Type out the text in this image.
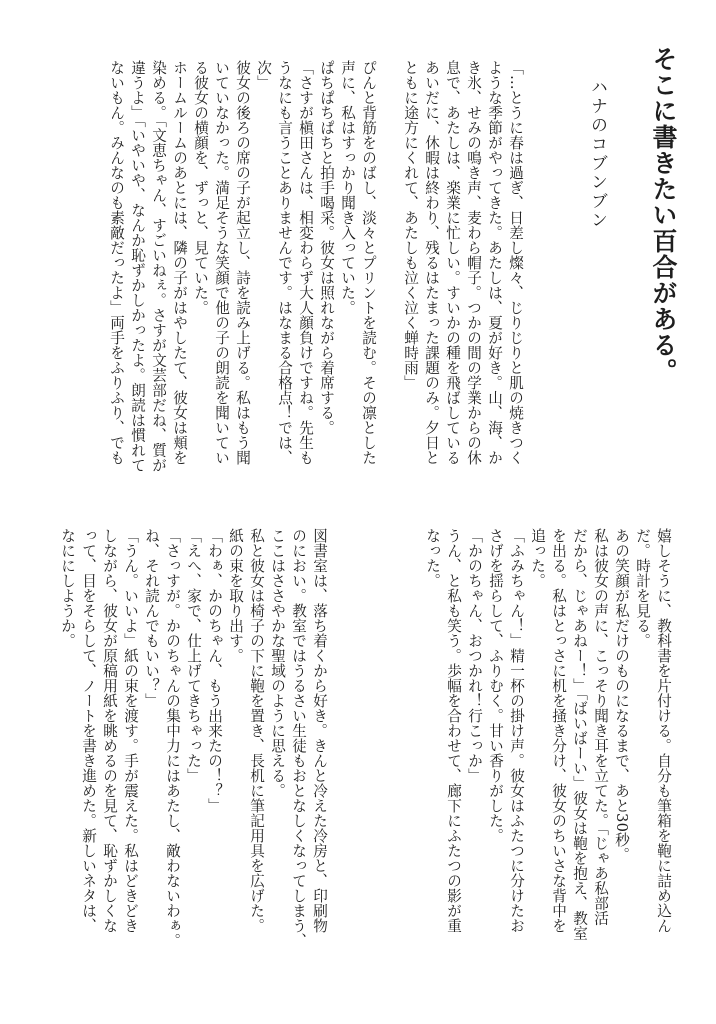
そこに書きたい百合がある。

ハナのコブンブン

「…とうに春は過ぎ、日差し燦々、じりじりと肌の焼きつく
ような季節がやってきた。あたしは、夏が好き。山、海、か
き氷、せみの鳴き声、麦わら帽子。つかの間の学業からの休
息で、あたしは、楽業に忙しい。すいかの種を飛ばしている
あいだに、休暇は終わり、残るはたまった課題のみ。夕日と
ともに途方にくれて、あたしも泣く泣く蝉時雨」

ぴんと背筋をのばし、淡々とプリントを読む。その凛とした
声に、私はすっかり聞き入っていた。
ぱちぱちぱちと拍手喝采。彼女は照れながら着席する。
「さすが槇田さんは、相変わらず大人顔負けですね。先生も
うなにも言うことありませんです。はなまる合格点！では、
次」
彼女の後ろの席の子が起立し、詩を読み上げる。私はもう聞
いていなかった。満足そうな笑顔で他の子の朗読を聞いてい
る彼女の横顔を、ずっと、見ていた。
ホームルームのあとには、隣の子がはやしたて、彼女は頬を
染める。「文恵ちゃん、すごいねぇ。さすが文芸部だね、質が
違うよ」「いやいや、なんか恥ずかしかったよ。朗読は慣れて
ないもん。みんなのも素敵だったよ」両手をふりふり、でも

嬉しそうに、教科書を片付ける。自分も筆箱を鞄に詰め込ん
だ。時計を見る。
あの笑顔が私だけのものになるまで、あと30秒。
私は彼女の声に、こっそり聞き耳を立てた。「じゃあ私部活
だから、じゃあねー！」「ばいばーい」彼女は鞄を抱え、教室
を出る。私はとっさに机を掻き分け、彼女のちいさな背中を
追った。
「ふみちゃん！」精一杯の掛け声。彼女はふたつに分けたお
さげを揺らして、ふりむく。甘い香りがした。
「かのちゃん、おつかれ！行こっか」
うん、と私も笑う。歩幅を合わせて、廊下にふたつの影が重
なった。

図書室は、落ち着くから好き。きんと冷えた冷房と、印刷物
のにおい。教室ではうるさい生徒もおとなしくなってしまう、
ここはささやかな聖域のように思える。
私と彼女は椅子の下に鞄を置き、長机に筆記用具を広げた。
紙の束を取り出す。
「わぁ、かのちゃん、もう出来たの！？」
「えへ、家で、仕上げてきちゃった」
「さっすが。かのちゃんの集中力にはあたし、敵わないわぁ。
ね、それ読んでもいい？」
「うん。いいよ」紙の束を渡す。手が震えた。私はどきどき
しながら、彼女が原稿用紙を眺めるのを見て、恥ずかしくな
って、目をそらして、ノートを書き進めた。新しいネタは、
なににしようか。
